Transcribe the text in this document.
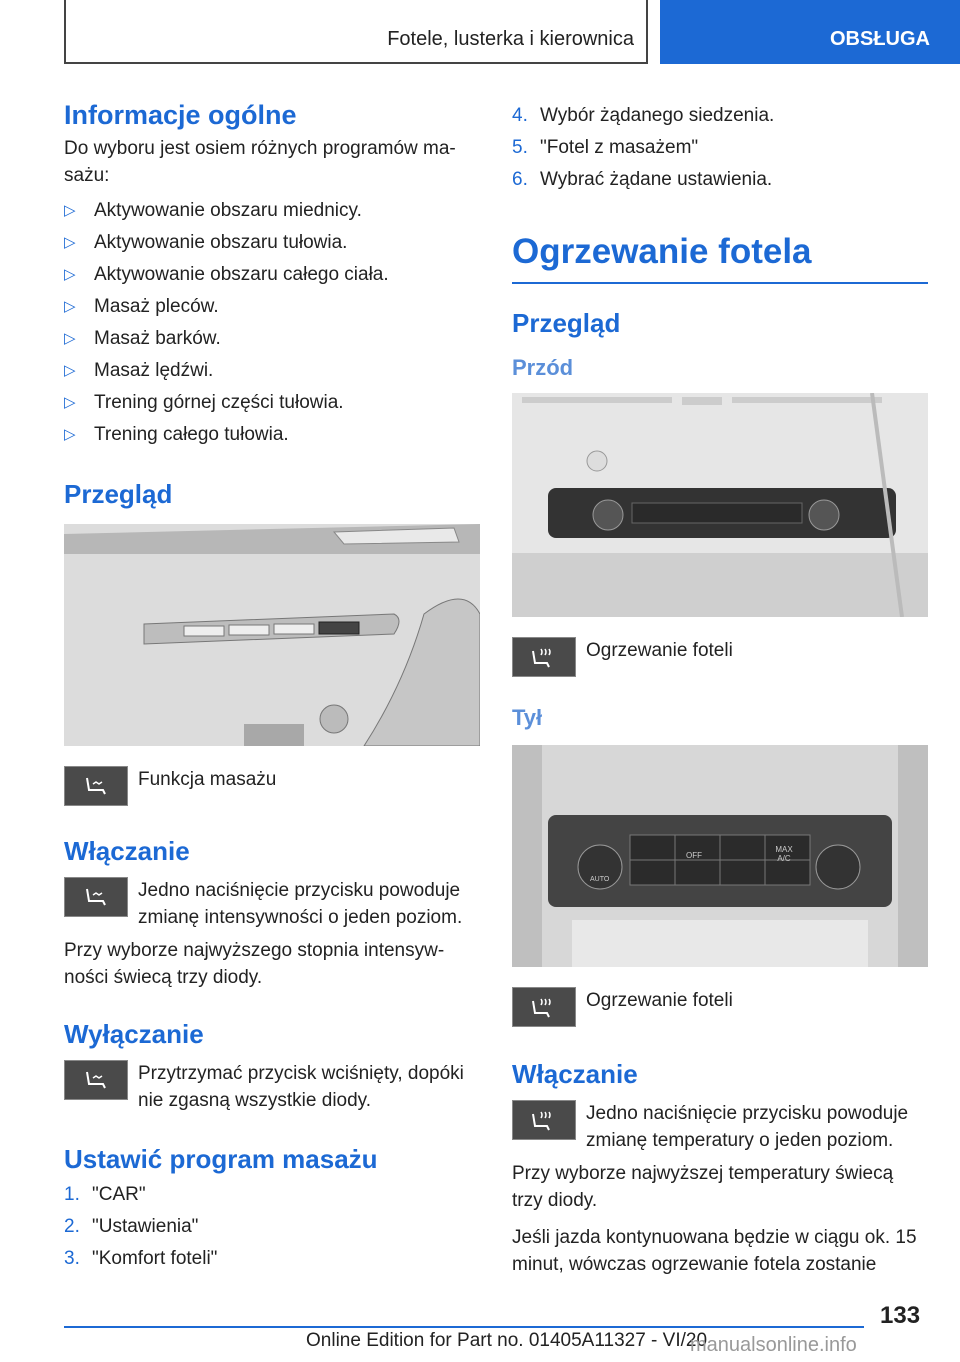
Fotele, lusterka i kierownica	OBSŁUGA
Informacje ogólne

Do wyboru jest osiem różnych programów ma-sażu:

▷ Aktywowanie obszaru miednicy.
▷ Aktywowanie obszaru tułowia.
▷ Aktywowanie obszaru całego ciała.
▷ Masaż pleców.
▷ Masaż barków.
▷ Masaż lędźwi.
▷ Trening górnej części tułowia.
▷ Trening całego tułowia.
Przegląd

Funkcja masażu

Włączanie

Jedno naciśnięcie przycisku powoduje zmianę intensywności o jeden poziom.

Przy wyborze najwyższego stopnia intensyw-ności świecą trzy diody.

Wyłączanie

Przytrzymać przycisk wciśnięty, dopóki nie zgasną wszystkie diody.

Ustawić program masażu
1. "CAR"
2. "Ustawienia"
3. "Komfort foteli"
4. Wybór żądanego siedzenia.
5. "Fotel z masażem"
6. Wybrać żądane ustawienia.
Ogrzewanie fotela
Przegląd
Przód

Ogrzewanie foteli

Tył
OFF
MAX A/C
AUTO

Ogrzewanie foteli

Włączanie

Jedno naciśnięcie przycisku powoduje zmianę temperatury o jeden poziom.

Przy wyborze najwyższej temperatury świecą trzy diody.

Jeśli jazda kontynuowana będzie w ciągu ok. 15 minut, wówczas ogrzewanie fotela zostanie

133
Online Edition for Part no. 01405A11327 - VI/20
manualsonline.info
